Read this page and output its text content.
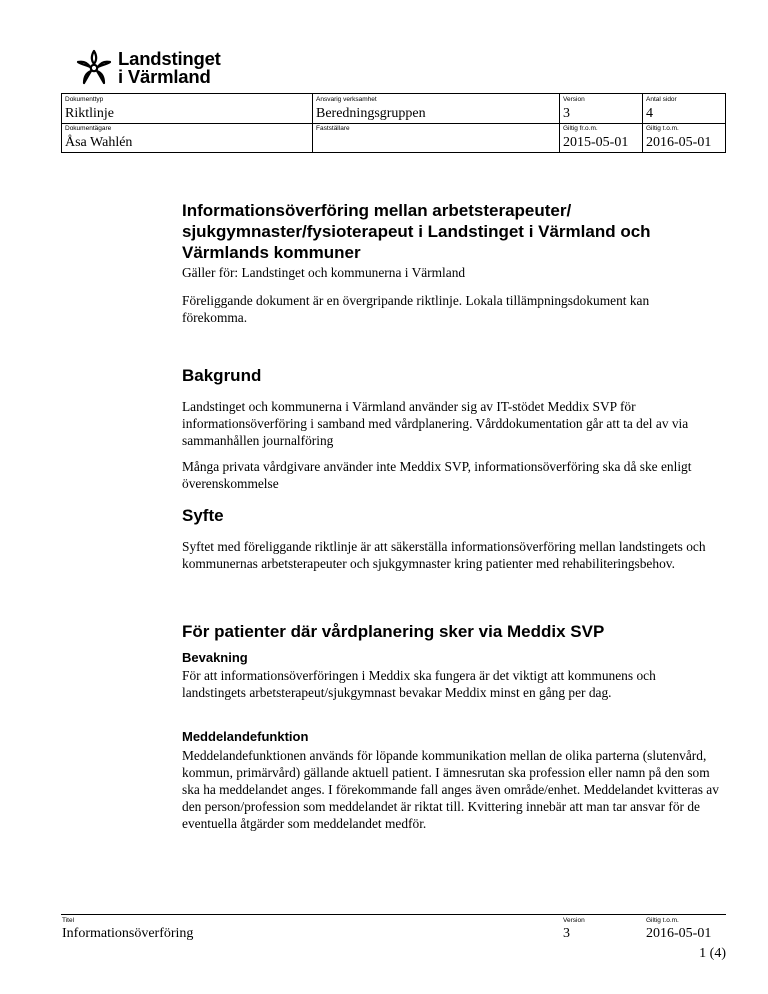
Landstinget
i Värmland
Dokumenttyp
Riktlinje
Ansvarig verksamhet
Beredningsgruppen
Version
3
Antal sidor
4
Dokumentägare
Åsa Wahlén
Fastställare	Giltig fr.o.m.
2015-05-01
Giltig t.o.m.
2016-05-01
Informationsöverföring mellan arbetsterapeuter/ sjukgymnaster/fysioterapeut i Landstinget i Värmland och Värmlands kommuner

Gäller för: Landstinget och kommunerna i Värmland

Föreliggande dokument är en övergripande riktlinje. Lokala tillämpningsdokument kan förekomma.

Bakgrund

Landstinget och kommunerna i Värmland använder sig av IT-stödet Meddix SVP för informationsöverföring i samband med vårdplanering. Vårddokumentation går att ta del av via sammanhållen journalföring

Många privata vårdgivare använder inte Meddix SVP, informationsöverföring ska då ske enligt överenskommelse

Syfte

Syftet med föreliggande riktlinje är att säkerställa informationsöverföring mellan landstingets och kommunernas arbetsterapeuter och sjukgymnaster kring patienter med rehabiliteringsbehov.

För patienter där vårdplanering sker via Meddix SVP
Bevakning

För att informationsöverföringen i Meddix ska fungera är det viktigt att kommunens och landstingets arbetsterapeut/sjukgymnast bevakar Meddix minst en gång per dag.

Meddelandefunktion

Meddelandefunktionen används för löpande kommunikation mellan de olika parterna (slutenvård, kommun, primärvård) gällande aktuell patient. I ämnesrutan ska profession eller namn på den som ska ha meddelandet anges. I förekommande fall anges även område/enhet. Meddelandet kvitteras av den person/profession som meddelandet är riktat till. Kvittering innebär att man tar ansvar för de eventuella åtgärder som meddelandet medför.

Titel
Informationsöverföring
Version
3
Giltig t.o.m.
2016-05-01
1 (4)
